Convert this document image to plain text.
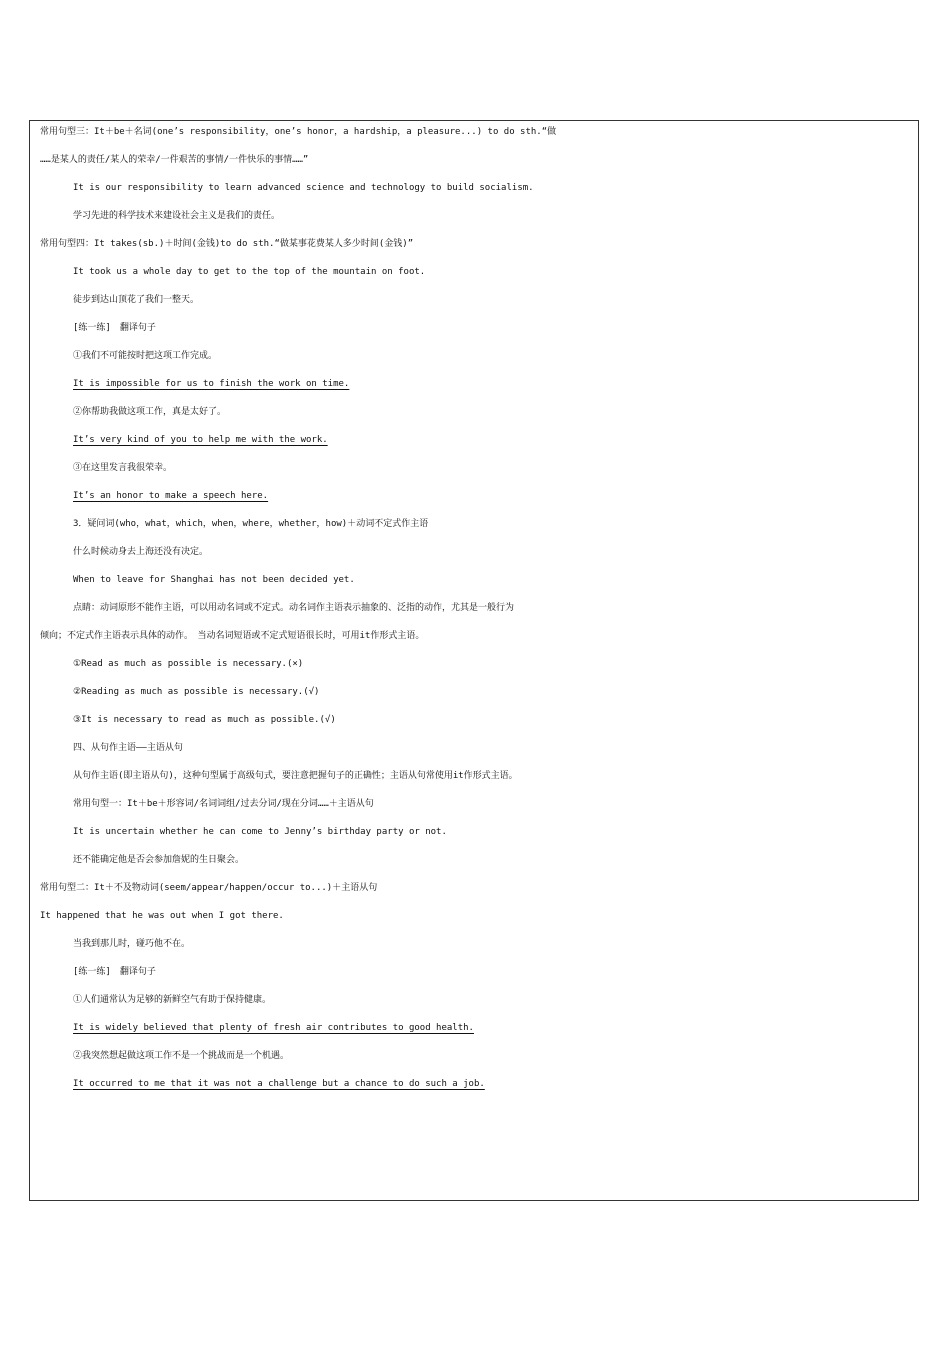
常用句型三：It＋be＋名词(one’s responsibility，one’s honor，a hardship，a pleasure...) to do sth.“做
……是某人的责任/某人的荣幸/一件艰苦的事情/一件快乐的事情……”
It is our responsibility to learn advanced science and technology to build socialism.
学习先进的科学技术来建设社会主义是我们的责任。
常用句型四：It takes(sb.)＋时间(金钱)to do sth.“做某事花费某人多少时间(金钱)”
It took us a whole day to get to the top of the mountain on foot.
徒步到达山顶花了我们一整天。
[练一练]　翻译句子
①我们不可能按时把这项工作完成。
It is impossible for us to finish the work on time.
②你帮助我做这项工作，真是太好了。
It’s very kind of you to help me with the work.
③在这里发言我很荣幸。
It’s an honor to make a speech here.
3．疑问词(who，what，which，when，where，whether，how)＋动词不定式作主语
什么时候动身去上海还没有决定。
When to leave for Shanghai has not been decided yet.
点睛：动词原形不能作主语，可以用动名词或不定式。动名词作主语表示抽象的、泛指的动作，尤其是一般行为
倾向；不定式作主语表示具体的动作。　当动名词短语或不定式短语很长时，可用it作形式主语。
①Read as much as possible is necessary.(×)
②Reading as much as possible is necessary.(√)
③It is necessary to read as much as possible.(√)
四、从句作主语——主语从句
从句作主语(即主语从句)，这种句型属于高级句式，要注意把握句子的正确性；主语从句常使用it作形式主语。
常用句型一：It＋be＋形容词/名词词组/过去分词/现在分词……＋主语从句
It is uncertain whether he can come to Jenny’s birthday party or not.
还不能确定他是否会参加詹妮的生日聚会。
常用句型二：It＋不及物动词(seem/appear/happen/occur to...)＋主语从句
It happened that he was out when I got there.
当我到那儿时，碰巧他不在。
[练一练]　翻译句子
①人们通常认为足够的新鲜空气有助于保持健康。
It is widely believed that plenty of fresh air contributes to good health.
②我突然想起做这项工作不是一个挑战而是一个机遇。
It occurred to me that it was not a challenge but a chance to do such a job.
